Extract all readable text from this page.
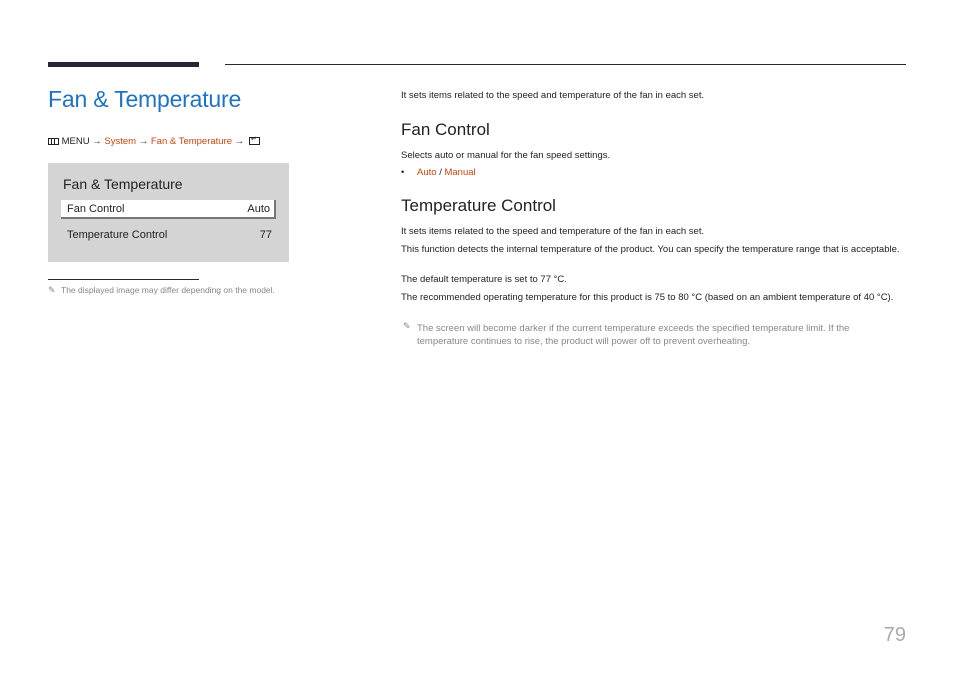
Fan & Temperature
MENU → System → Fan & Temperature → ↵
Fan & Temperature
Fan Control	Auto
Temperature Control	77
✎ The displayed image may differ depending on the model.
It sets items related to the speed and temperature of the fan in each set.
Fan Control

Selects auto or manual for the fan speed settings.

• Auto / Manual
Temperature Control

It sets items related to the speed and temperature of the fan in each set.

This function detects the internal temperature of the product. You can specify the temperature range that is acceptable.

The default temperature is set to 77 °C.

The recommended operating temperature for this product is 75 to 80 °C (based on an ambient temperature of 40 °C).

✎ The screen will become darker if the current temperature exceeds the specified temperature limit. If the temperature continues to rise, the product will power off to prevent overheating.
79
